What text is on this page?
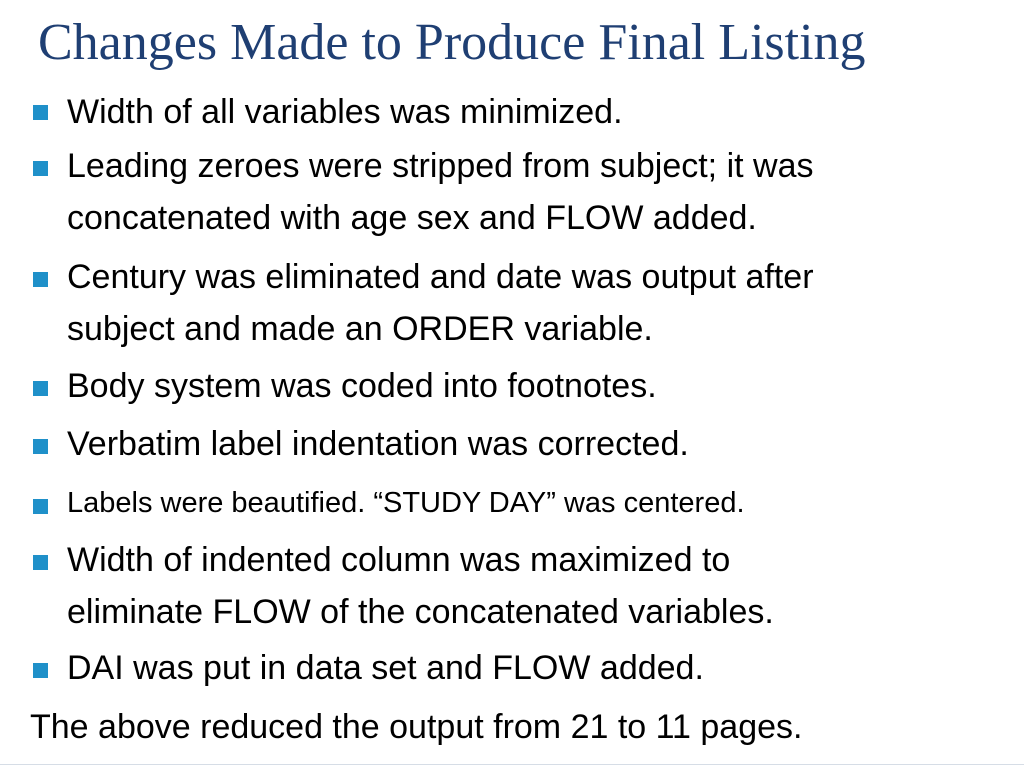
Changes Made to Produce Final Listing
Width of all variables was minimized.
Leading zeroes were stripped from subject; it was
concatenated with age sex and FLOW added.
Century was eliminated and date was output after
subject and made an ORDER variable.
Body system was coded into footnotes.
Verbatim label indentation was corrected.
Labels were beautified. “STUDY DAY” was centered.
Width of indented column was maximized to
eliminate FLOW of the concatenated variables.
DAI was put in data set and FLOW added.
The above reduced the output from 21 to 11 pages.
